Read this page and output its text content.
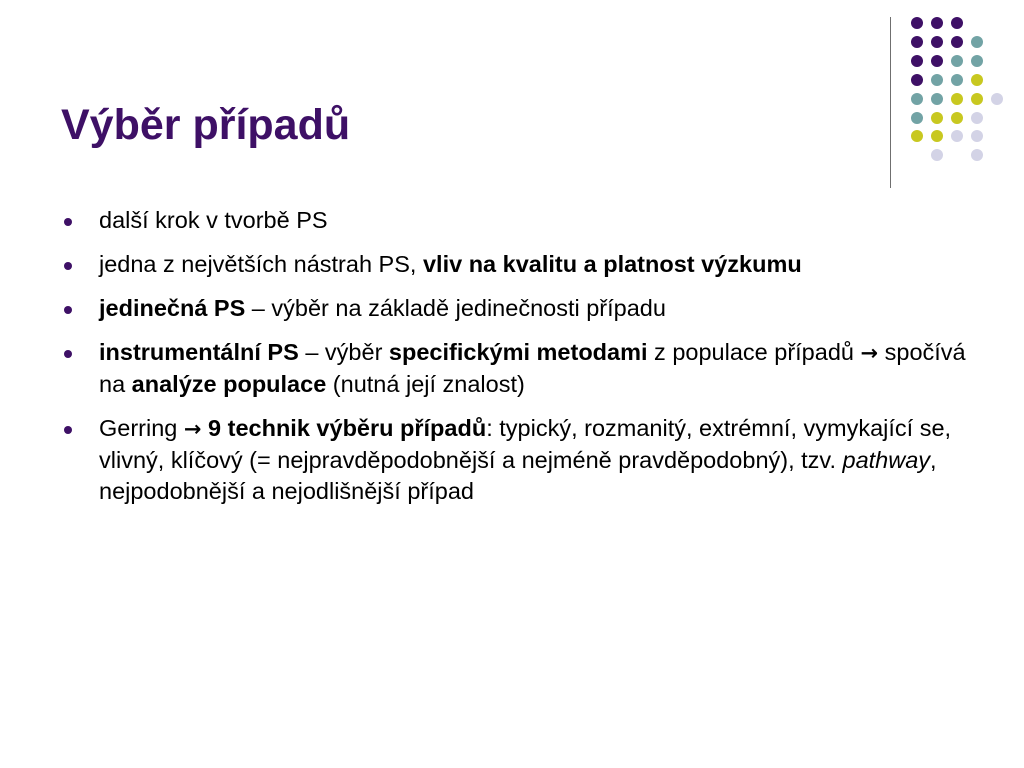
Výběr případů
další krok v tvorbě PS
jedna z největších nástrah PS, vliv na kvalitu a platnost výzkumu
jedinečná PS – výběr na základě jedinečnosti případu
instrumentální PS – výběr specifickými metodami z populace případů → spočívá na analýze populace (nutná její znalost)
Gerring → 9 technik výběru případů: typický, rozmanitý, extrémní, vymykající se, vlivný, klíčový (= nejpravděpodobnější a nejméně pravděpodobný), tzv. pathway, nejpodobnější a nejodlišnější případ
